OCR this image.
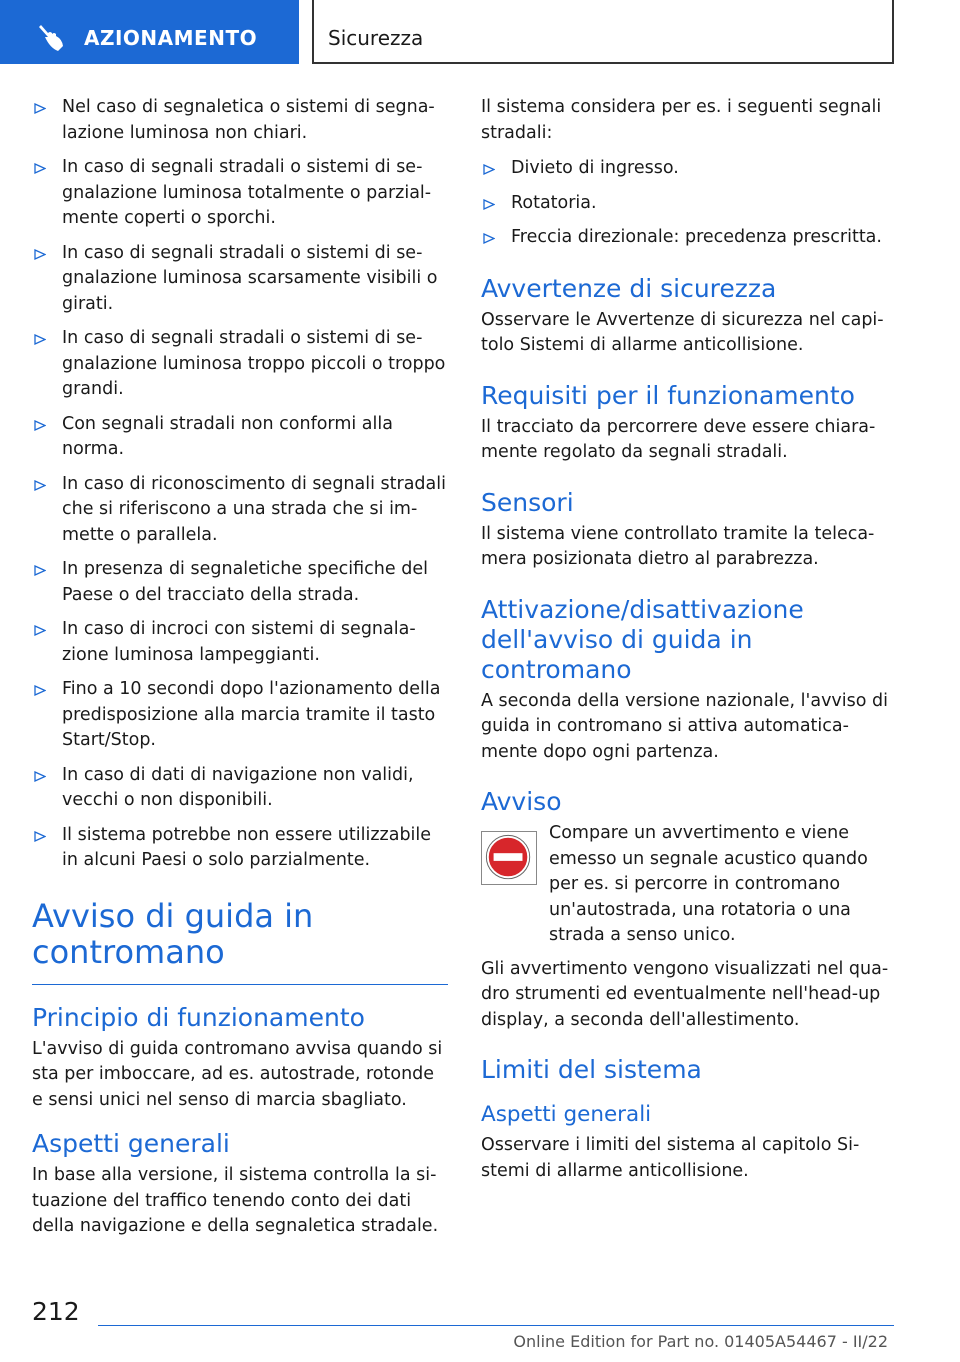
AZIONAMENTO	Sicurezza
Nel caso di segnaletica o sistemi di segna- lazione luminosa non chiari.
In caso di segnali stradali o sistemi di se- gnalazione luminosa totalmente o parzial- mente coperti o sporchi.
In caso di segnali stradali o sistemi di se- gnalazione luminosa scarsamente visibili o girati.
In caso di segnali stradali o sistemi di se- gnalazione luminosa troppo piccoli o troppo grandi.
Con segnali stradali non conformi alla norma.
In caso di riconoscimento di segnali stradali che si riferiscono a una strada che si im- mette o parallela.
In presenza di segnaletiche specifiche del Paese o del tracciato della strada.
In caso di incroci con sistemi di segnala- zione luminosa lampeggianti.
Fino a 10 secondi dopo l'azionamento della predisposizione alla marcia tramite il tasto Start/Stop.
In caso di dati di navigazione non validi, vecchi o non disponibili.
Il sistema potrebbe non essere utilizzabile in alcuni Paesi o solo parzialmente.
Avviso di guida in contromano
Principio di funzionamento

L'avviso di guida contromano avvisa quando si sta per imboccare, ad es. autostrade, rotonde e sensi unici nel senso di marcia sbagliato.

Aspetti generali

In base alla versione, il sistema controlla la si- tuazione del traffico tenendo conto dei dati della navigazione e della segnaletica stradale.

Il sistema considera per es. i seguenti segnali stradali:

Divieto di ingresso.
Rotatoria.
Freccia direzionale: precedenza prescritta.
Avvertenze di sicurezza

Osservare le Avvertenze di sicurezza nel capi- tolo Sistemi di allarme anticollisione.

Requisiti per il funzionamento

Il tracciato da percorrere deve essere chiara- mente regolato da segnali stradali.

Sensori

Il sistema viene controllato tramite la teleca- mera posizionata dietro al parabrezza.

Attivazione/disattivazione dell'avviso di guida in contromano

A seconda della versione nazionale, l'avviso di guida in contromano si attiva automatica- mente dopo ogni partenza.

Avviso

Compare un avvertimento e viene emesso un segnale acustico quando per es. si percorre in contromano un'autostrada, una rotatoria o una strada a senso unico.

Gli avvertimento vengono visualizzati nel qua- dro strumenti ed eventualmente nell'head-up display, a seconda dell'allestimento.

Limiti del sistema
Aspetti generali

Osservare i limiti del sistema al capitolo Si- stemi di allarme anticollisione.

212
Online Edition for Part no. 01405A54467 - II/22
